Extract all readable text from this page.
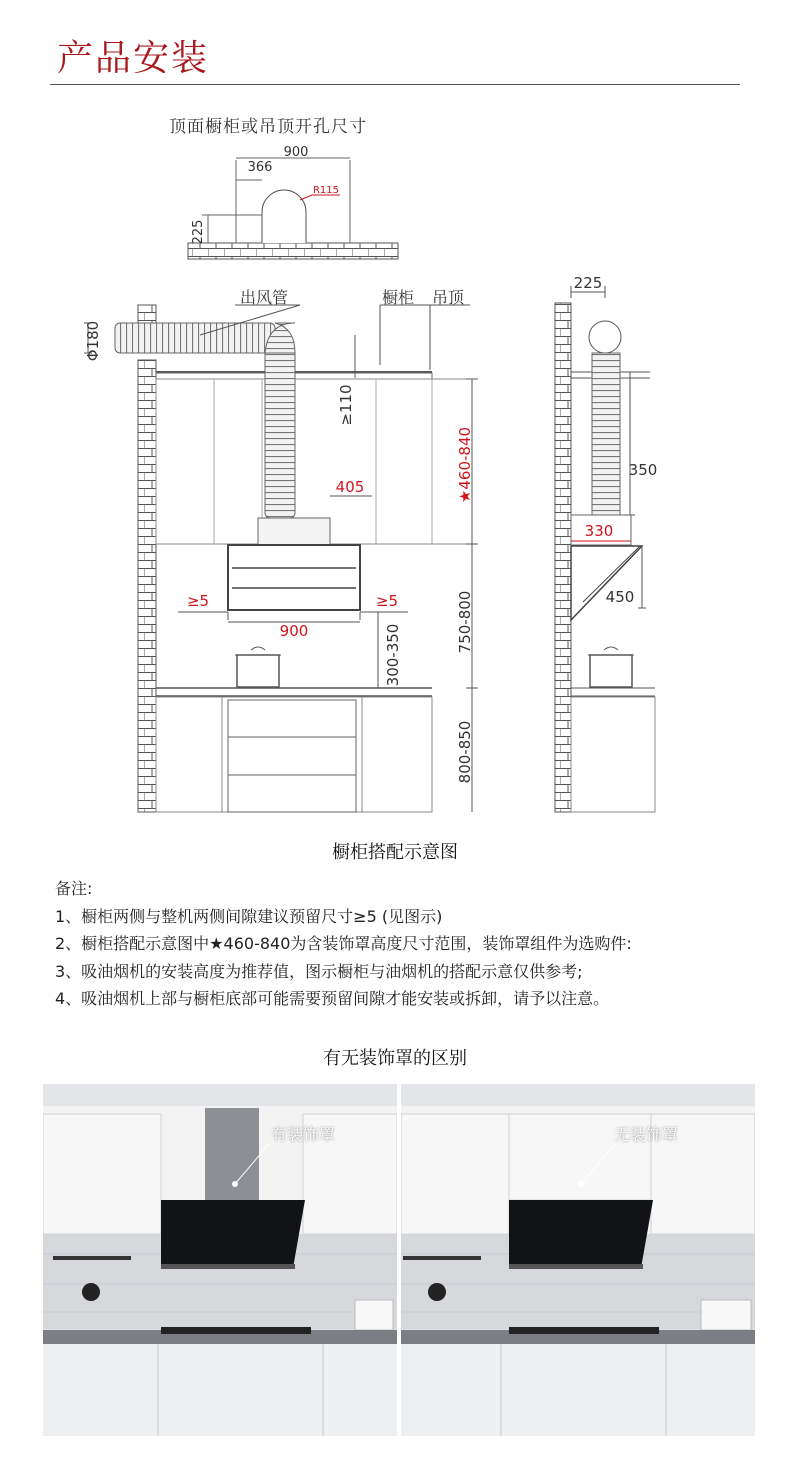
产品安装
顶面橱柜或吊顶开孔尺寸
900
366
R115
225
出风管	橱柜 吊顶
Φ180
≥110
405	★460-840
≥5	≥5
900	300-350
750-800
800-850
225
350
330
450
橱柜搭配示意图
备注:
1、橱柜两侧与整机两侧间隙建议预留尺寸≥5 (见图示)
2、橱柜搭配示意图中★460-840为含装饰罩高度尺寸范围，装饰罩组件为选购件:
3、吸油烟机的安装高度为推荐值，图示橱柜与油烟机的搭配示意仅供参考;
4、吸油烟机上部与橱柜底部可能需要预留间隙才能安装或拆卸，请予以注意。
有无装饰罩的区别
有装饰罩	无装饰罩
